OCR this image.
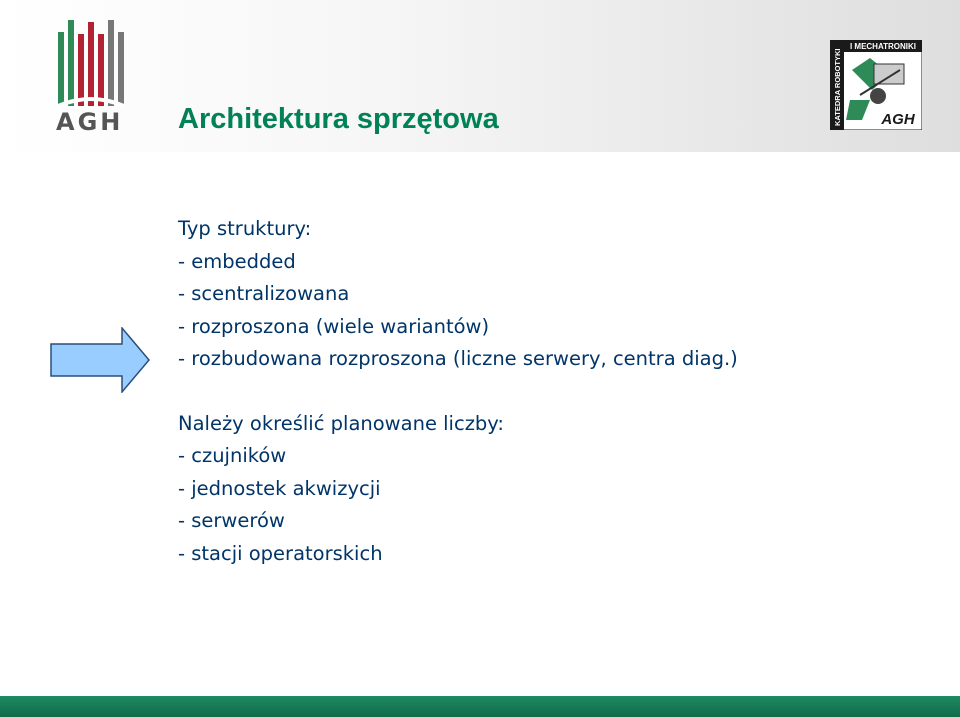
AGH Architektura sprzętowa
I MECHATRONIKI
KATEDRA ROBOTYKI	AGH
Typ struktury:
- embedded
- scentralizowana
- rozproszona (wiele wariantów)
- rozbudowana rozproszona (liczne serwery, centra diag.)
Należy określić planowane liczby:
- czujników
- jednostek akwizycji
- serwerów
- stacji operatorskich
